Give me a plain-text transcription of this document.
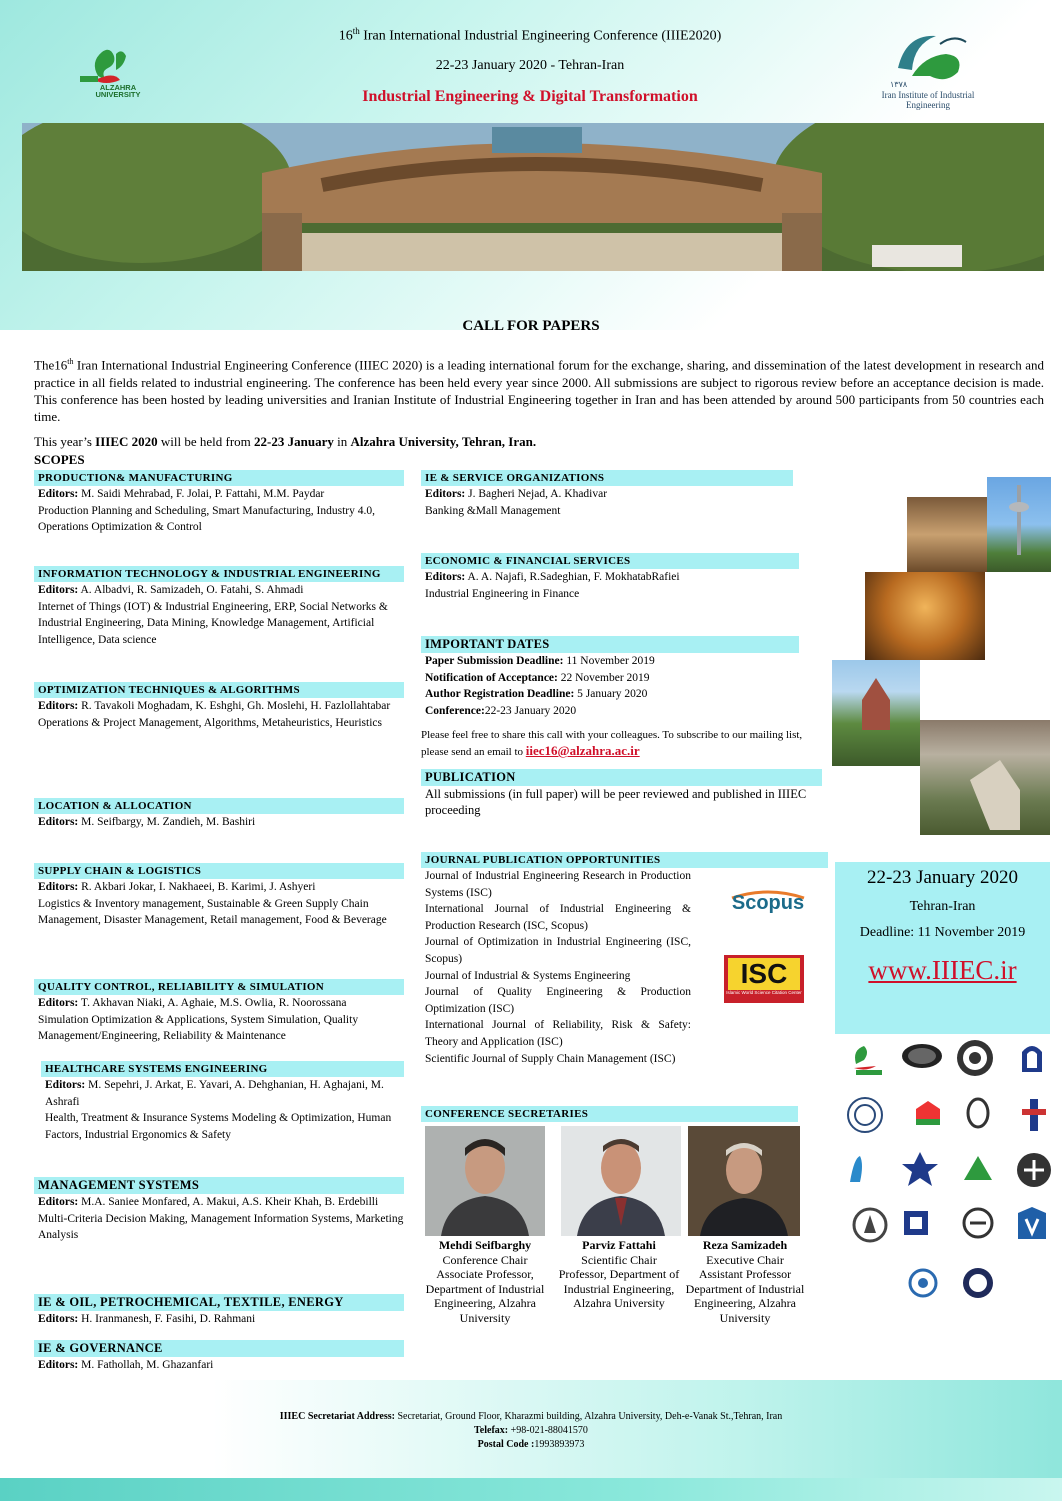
16th Iran International Industrial Engineering Conference (IIIE2020)
22-23 January 2020 - Tehran-Iran
Industrial Engineering & Digital Transformation
ALZAHRA UNIVERSITY
۱۳۷۸
Iran Institute of Industrial Engineering
CALL FOR PAPERS
The16th Iran International Industrial Engineering Conference (IIIEC 2020) is a leading international forum for the exchange, sharing, and dissemination of the latest development in research and practice in all fields related to industrial engineering. The conference has been held every year since 2000. All submissions are subject to rigorous review before an acceptance decision is made. This conference has been hosted by leading universities and Iranian Institute of Industrial Engineering together in Iran and has been attended by around 500 participants from 50 countries each time.
This year’s IIIEC 2020 will be held from 22-23 January in Alzahra University, Tehran, Iran.
SCOPES
PRODUCTION& MANUFACTURING
Editors: M. Saidi Mehrabad, F. Jolai, P. Fattahi, M.M. Paydar
Production Planning and Scheduling, Smart Manufacturing, Industry 4.0, Operations Optimization & Control
INFORMATION TECHNOLOGY & INDUSTRIAL ENGINEERING
Editors: A. Albadvi, R. Samizadeh, O. Fatahi, S. Ahmadi
Internet of Things (IOT) & Industrial Engineering, ERP, Social Networks & Industrial Engineering, Data Mining, Knowledge Management, Artificial Intelligence, Data science
OPTIMIZATION TECHNIQUES & ALGORITHMS
Editors: R. Tavakoli Moghadam, K. Eshghi, Gh. Moslehi, H. Fazlollahtabar
Operations & Project Management, Algorithms, Metaheuristics, Heuristics
LOCATION & ALLOCATION
Editors: M. Seifbargy, M. Zandieh, M. Bashiri
SUPPLY CHAIN & LOGISTICS
Editors: R. Akbari Jokar, I. Nakhaeei, B. Karimi, J. Ashyeri
Logistics & Inventory management, Sustainable & Green Supply Chain Management, Disaster Management, Retail management, Food & Beverage
QUALITY CONTROL, RELIABILITY & SIMULATION
Editors: T. Akhavan Niaki, A. Aghaie, M.S. Owlia, R. Noorossana
Simulation Optimization & Applications, System Simulation, Quality Management/Engineering, Reliability & Maintenance
HEALTHCARE SYSTEMS ENGINEERING
Editors: M. Sepehri, J. Arkat, E. Yavari, A. Dehghanian, H. Aghajani, M. Ashrafi
Health, Treatment & Insurance Systems Modeling & Optimization, Human Factors, Industrial Ergonomics & Safety
MANAGEMENT SYSTEMS
Editors: M.A. Saniee Monfared, A. Makui, A.S. Kheir Khah, B. Erdebilli
Multi-Criteria Decision Making, Management Information Systems, Marketing Analysis
IE & OIL, PETROCHEMICAL, TEXTILE, ENERGY
Editors: H. Iranmanesh, F. Fasihi, D. Rahmani
IE & GOVERNANCE
Editors: M. Fathollah, M. Ghazanfari
IE & SERVICE ORGANIZATIONS
Editors: J. Bagheri Nejad, A. Khadivar
Banking &Mall Management
ECONOMIC & FINANCIAL SERVICES
Editors: A. A. Najafi, R.Sadeghian, F. MokhatabRafiei
Industrial Engineering in Finance
IMPORTANT DATES
Paper Submission Deadline: 11 November 2019
Notification of Acceptance: 22 November 2019
Author Registration Deadline: 5 January 2020
Conference:22-23 January 2020
Please feel free to share this call with your colleagues. To subscribe to our mailing list, please send an email to iiec16@alzahra.ac.ir
PUBLICATION
All submissions (in full paper) will be peer reviewed and published in IIIEC proceeding
JOURNAL PUBLICATION OPPORTUNITIES
Journal of Industrial Engineering Research in Production Systems (ISC)
International Journal of Industrial Engineering & Production Research (ISC, Scopus)
Journal of Optimization in Industrial Engineering (ISC, Scopus)
Journal of Industrial & Systems Engineering
Journal of Quality Engineering & Production Optimization (ISC)
International Journal of Reliability, Risk & Safety: Theory and Application (ISC)
Scientific Journal of Supply Chain Management (ISC)
Scopus
ISC
Islamic World Science Citation Center
CONFERENCE SECRETARIES
Mehdi Seifbarghy
Conference Chair
Associate Professor, Department of Industrial Engineering, Alzahra University
Parviz Fattahi
Scientific Chair
Professor, Department of Industrial Engineering, Alzahra University
Reza Samizadeh
Executive Chair
Assistant Professor Department of Industrial Engineering, Alzahra University
22-23 January 2020
Tehran-Iran
Deadline: 11 November 2019
www.IIIEC.ir
IIIEC Secretariat Address: Secretariat, Ground Floor, Kharazmi building, Alzahra University, Deh-e-Vanak St.,Tehran, Iran
Telefax: +98-021-88041570
Postal Code :1993893973
